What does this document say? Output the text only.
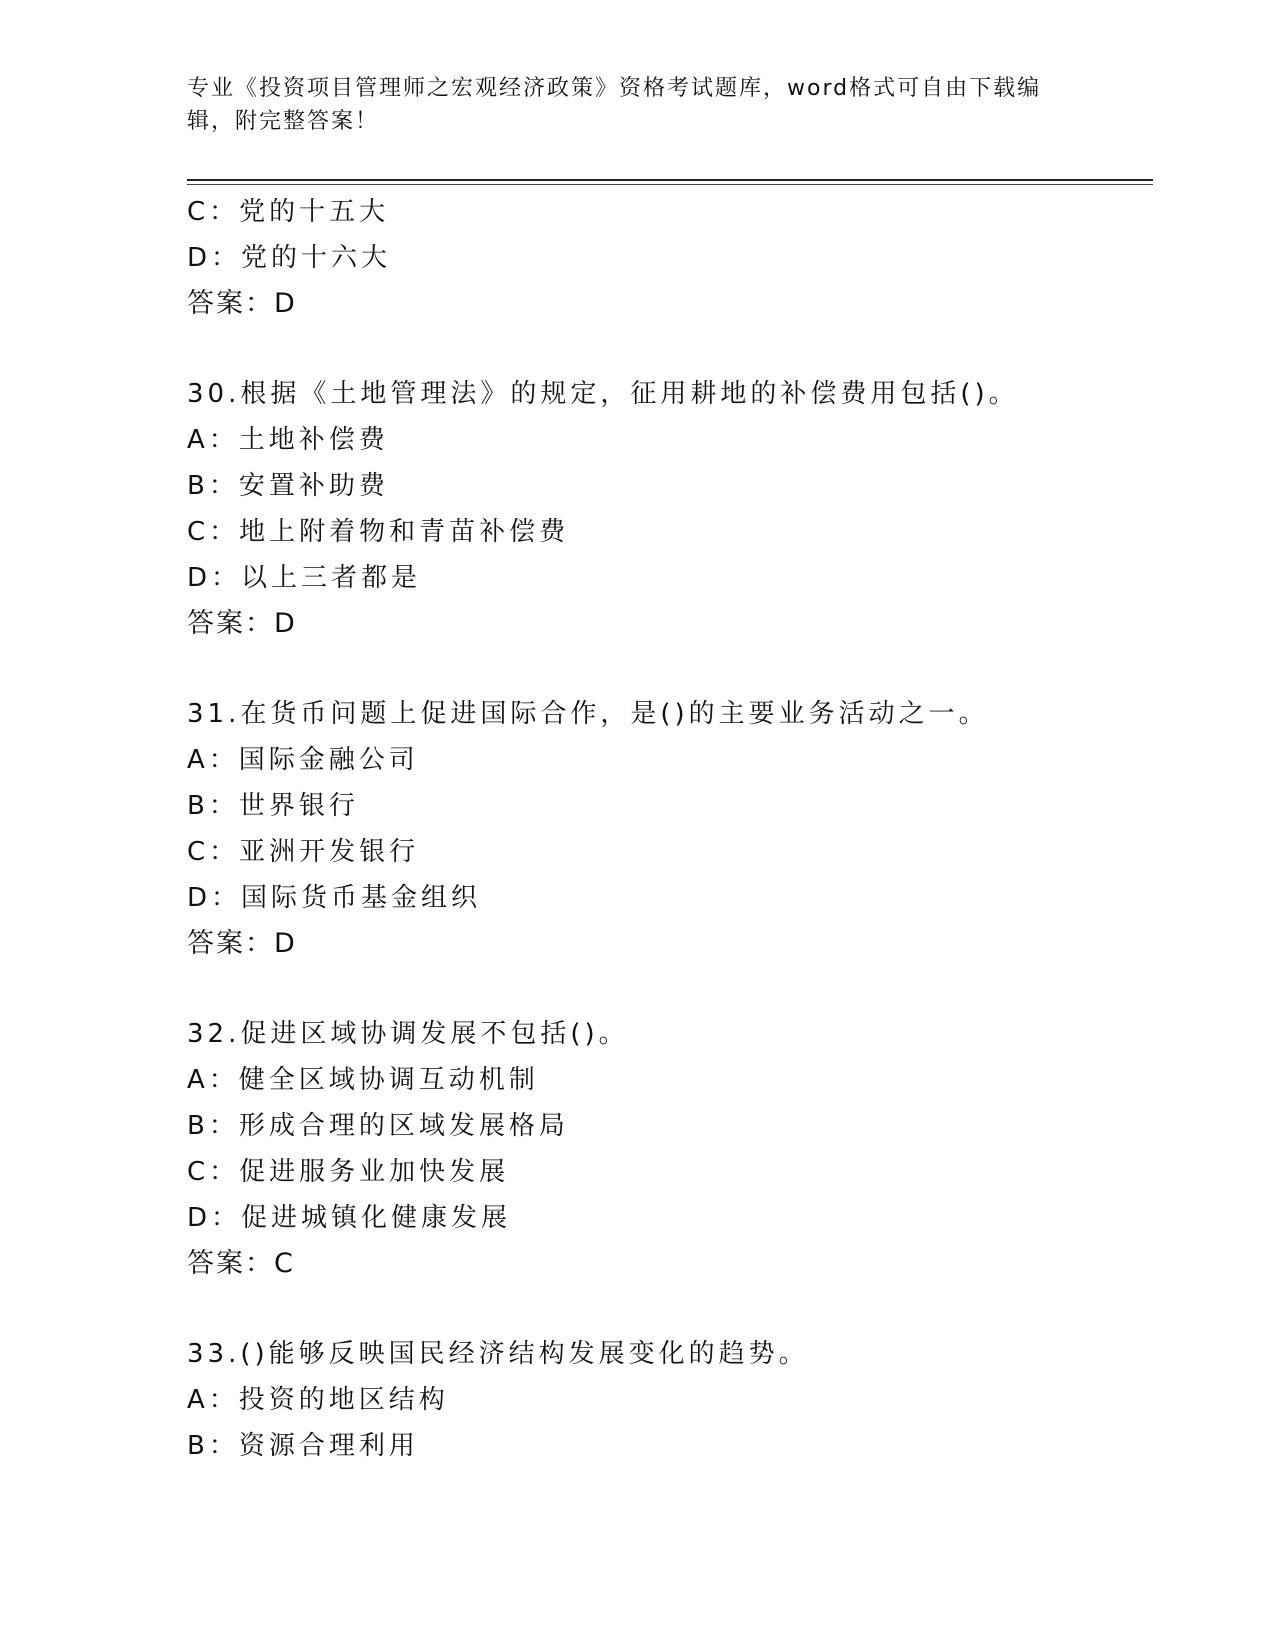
专业《投资项目管理师之宏观经济政策》资格考试题库，word格式可自由下载编辑，附完整答案！
C：党的十五大
D：党的十六大
答案：D
30.根据《土地管理法》的规定，征用耕地的补偿费用包括()。
A：土地补偿费
B：安置补助费
C：地上附着物和青苗补偿费
D：以上三者都是
答案：D
31.在货币问题上促进国际合作，是()的主要业务活动之一。
A：国际金融公司
B：世界银行
C：亚洲开发银行
D：国际货币基金组织
答案：D
32.促进区域协调发展不包括()。
A：健全区域协调互动机制
B：形成合理的区域发展格局
C：促进服务业加快发展
D：促进城镇化健康发展
答案：C
33.()能够反映国民经济结构发展变化的趋势。
A：投资的地区结构
B：资源合理利用
